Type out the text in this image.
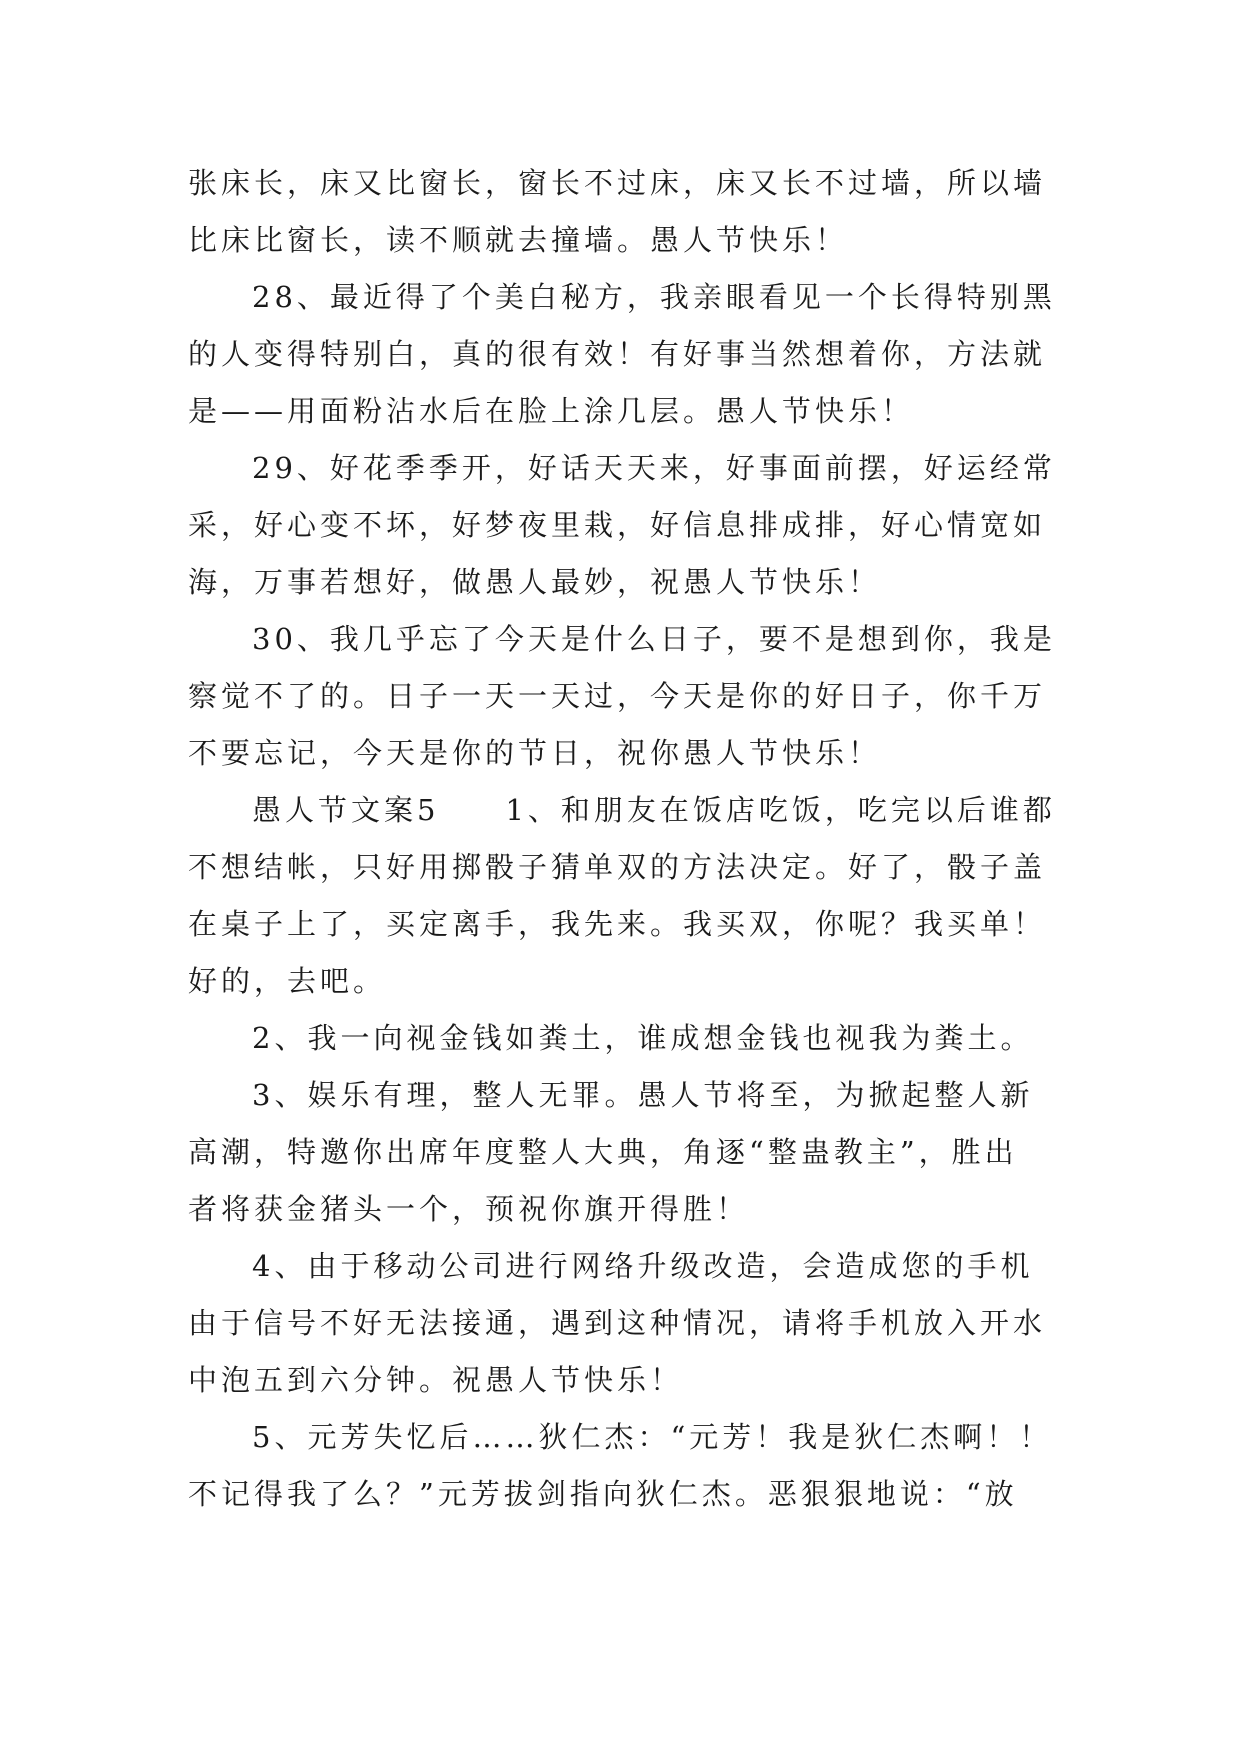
张床长，床又比窗长，窗长不过床，床又长不过墙，所以墙
比床比窗长，读不顺就去撞墙。愚人节快乐！
28、最近得了个美白秘方，我亲眼看见一个长得特别黑
的人变得特别白，真的很有效！有好事当然想着你，方法就
是——用面粉沾水后在脸上涂几层。愚人节快乐！
29、好花季季开，好话天天来，好事面前摆，好运经常
采，好心变不坏，好梦夜里栽，好信息排成排，好心情宽如
海，万事若想好，做愚人最妙，祝愚人节快乐！
30、我几乎忘了今天是什么日子，要不是想到你，我是
察觉不了的。日子一天一天过，今天是你的好日子，你千万
不要忘记，今天是你的节日，祝你愚人节快乐！
愚人节文案5　　1、和朋友在饭店吃饭，吃完以后谁都
不想结帐，只好用掷骰子猜单双的方法决定。好了，骰子盖
在桌子上了，买定离手，我先来。我买双，你呢？我买单！
好的，去吧。
2、我一向视金钱如粪土，谁成想金钱也视我为粪土。
3、娱乐有理，整人无罪。愚人节将至，为掀起整人新
高潮，特邀你出席年度整人大典，角逐“整蛊教主”，胜出
者将获金猪头一个，预祝你旗开得胜！
4、由于移动公司进行网络升级改造，会造成您的手机
由于信号不好无法接通，遇到这种情况，请将手机放入开水
中泡五到六分钟。祝愚人节快乐！
5、元芳失忆后……狄仁杰：“元芳！我是狄仁杰啊！！
不记得我了么？”元芳拔剑指向狄仁杰。恶狠狠地说：“放
